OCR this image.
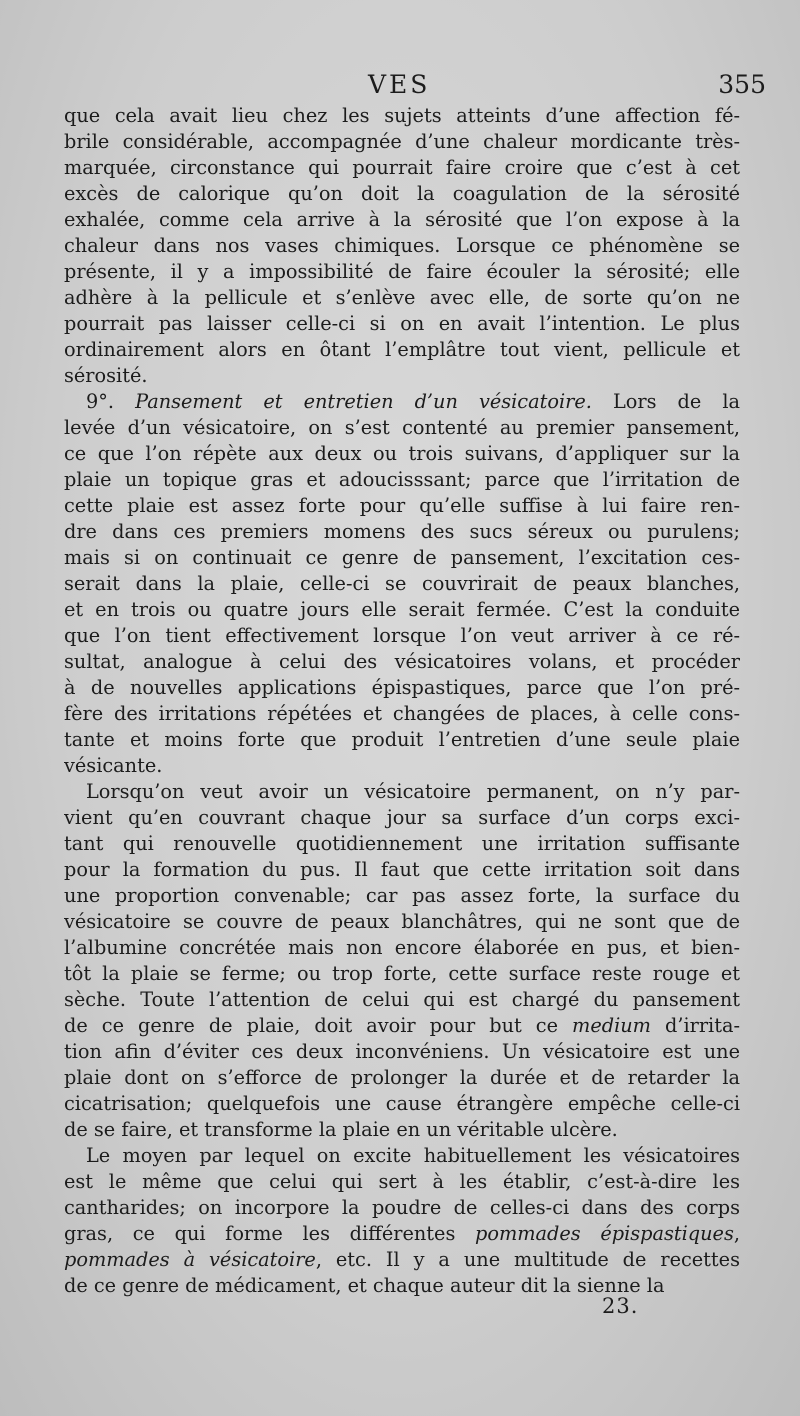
VES	355
que cela avait lieu chez les sujets atteints d’une affection fé-
brile considérable, accompagnée d’une chaleur mordicante très-
marquée, circonstance qui pourrait faire croire que c’est à cet
excès de calorique qu’on doit la coagulation de la sérosité
exhalée, comme cela arrive à la sérosité que l’on expose à la
chaleur dans nos vases chimiques. Lorsque ce phénomène se
présente, il y a impossibilité de faire écouler la sérosité; elle
adhère à la pellicule et s’enlève avec elle, de sorte qu’on ne
pourrait pas laisser celle-ci si on en avait l’intention. Le plus
ordinairement alors en ôtant l’emplâtre tout vient, pellicule et
sérosité.
9°. Pansement et entretien d’un vésicatoire. Lors de la
levée d’un vésicatoire, on s’est contenté au premier pansement,
ce que l’on répète aux deux ou trois suivans, d’appliquer sur la
plaie un topique gras et adoucisssant; parce que l’irritation de
cette plaie est assez forte pour qu’elle suffise à lui faire ren-
dre dans ces premiers momens des sucs séreux ou purulens;
mais si on continuait ce genre de pansement, l’excitation ces-
serait dans la plaie, celle-ci se couvrirait de peaux blanches,
et en trois ou quatre jours elle serait fermée. C’est la conduite
que l’on tient effectivement lorsque l’on veut arriver à ce ré-
sultat, analogue à celui des vésicatoires volans, et procéder
à de nouvelles applications épispastiques, parce que l’on pré-
fère des irritations répétées et changées de places, à celle cons-
tante et moins forte que produit l’entretien d’une seule plaie
vésicante.
Lorsqu’on veut avoir un vésicatoire permanent, on n’y par-
vient qu’en couvrant chaque jour sa surface d’un corps exci-
tant qui renouvelle quotidiennement une irritation suffisante
pour la formation du pus. Il faut que cette irritation soit dans
une proportion convenable; car pas assez forte, la surface du
vésicatoire se couvre de peaux blanchâtres, qui ne sont que de
l’albumine concrétée mais non encore élaborée en pus, et bien-
tôt la plaie se ferme; ou trop forte, cette surface reste rouge et
sèche. Toute l’attention de celui qui est chargé du pansement
de ce genre de plaie, doit avoir pour but ce medium d’irrita-
tion afin d’éviter ces deux inconvéniens. Un vésicatoire est une
plaie dont on s’efforce de prolonger la durée et de retarder la
cicatrisation; quelquefois une cause étrangère empêche celle-ci
de se faire, et transforme la plaie en un véritable ulcère.
Le moyen par lequel on excite habituellement les vésicatoires
est le même que celui qui sert à les établir, c’est-à-dire les
cantharides; on incorpore la poudre de celles-ci dans des corps
gras, ce qui forme les différentes pommades épispastiques,
pommades à vésicatoire, etc. Il y a une multitude de recettes
de ce genre de médicament, et chaque auteur dit la sienne la
23.
